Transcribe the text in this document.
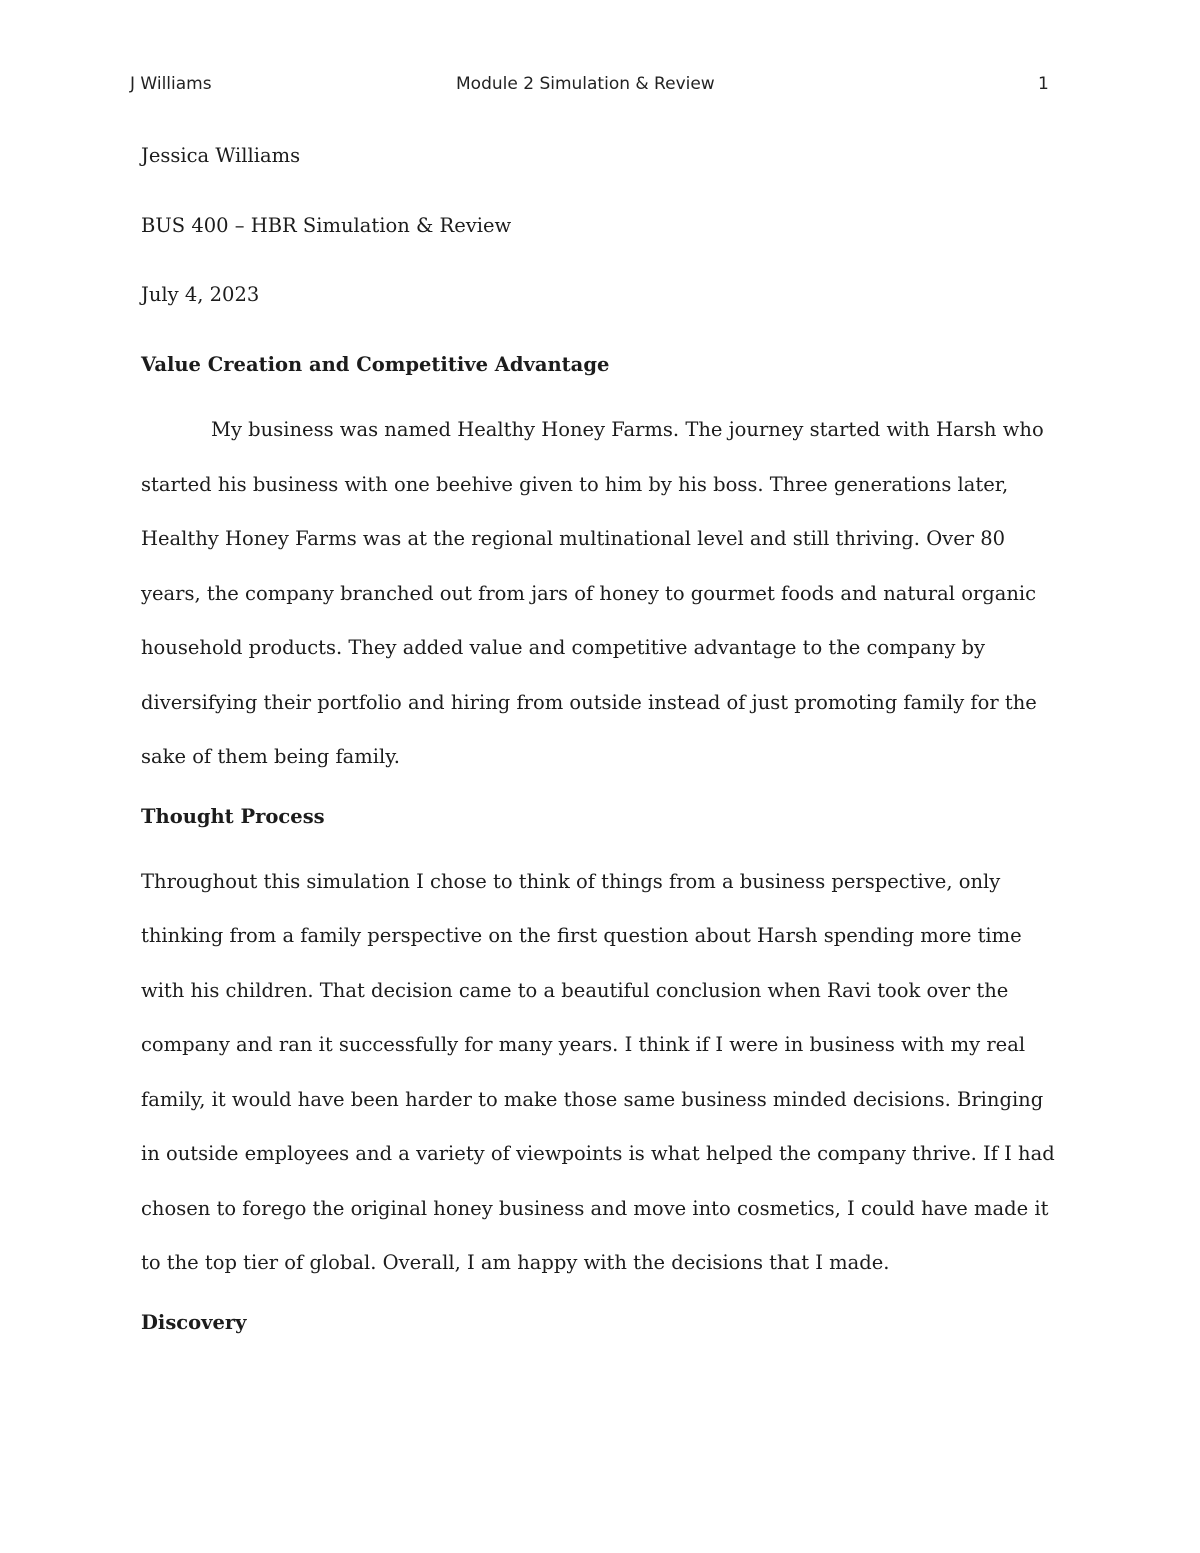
J Williams	Module 2 Simulation & Review	1
Jessica Williams
BUS 400 – HBR Simulation & Review
July 4, 2023
Value Creation and Competitive Advantage

My business was named Healthy Honey Farms. The journey started with Harsh who started his business with one beehive given to him by his boss. Three generations later, Healthy Honey Farms was at the regional multinational level and still thriving. Over 80 years, the company branched out from jars of honey to gourmet foods and natural organic household products. They added value and competitive advantage to the company by diversifying their portfolio and hiring from outside instead of just promoting family for the sake of them being family.

Thought Process

Throughout this simulation I chose to think of things from a business perspective, only thinking from a family perspective on the first question about Harsh spending more time with his children. That decision came to a beautiful conclusion when Ravi took over the company and ran it successfully for many years. I think if I were in business with my real family, it would have been harder to make those same business minded decisions. Bringing in outside employees and a variety of viewpoints is what helped the company thrive. If I had chosen to forego the original honey business and move into cosmetics, I could have made it to the top tier of global. Overall, I am happy with the decisions that I made.

Discovery
